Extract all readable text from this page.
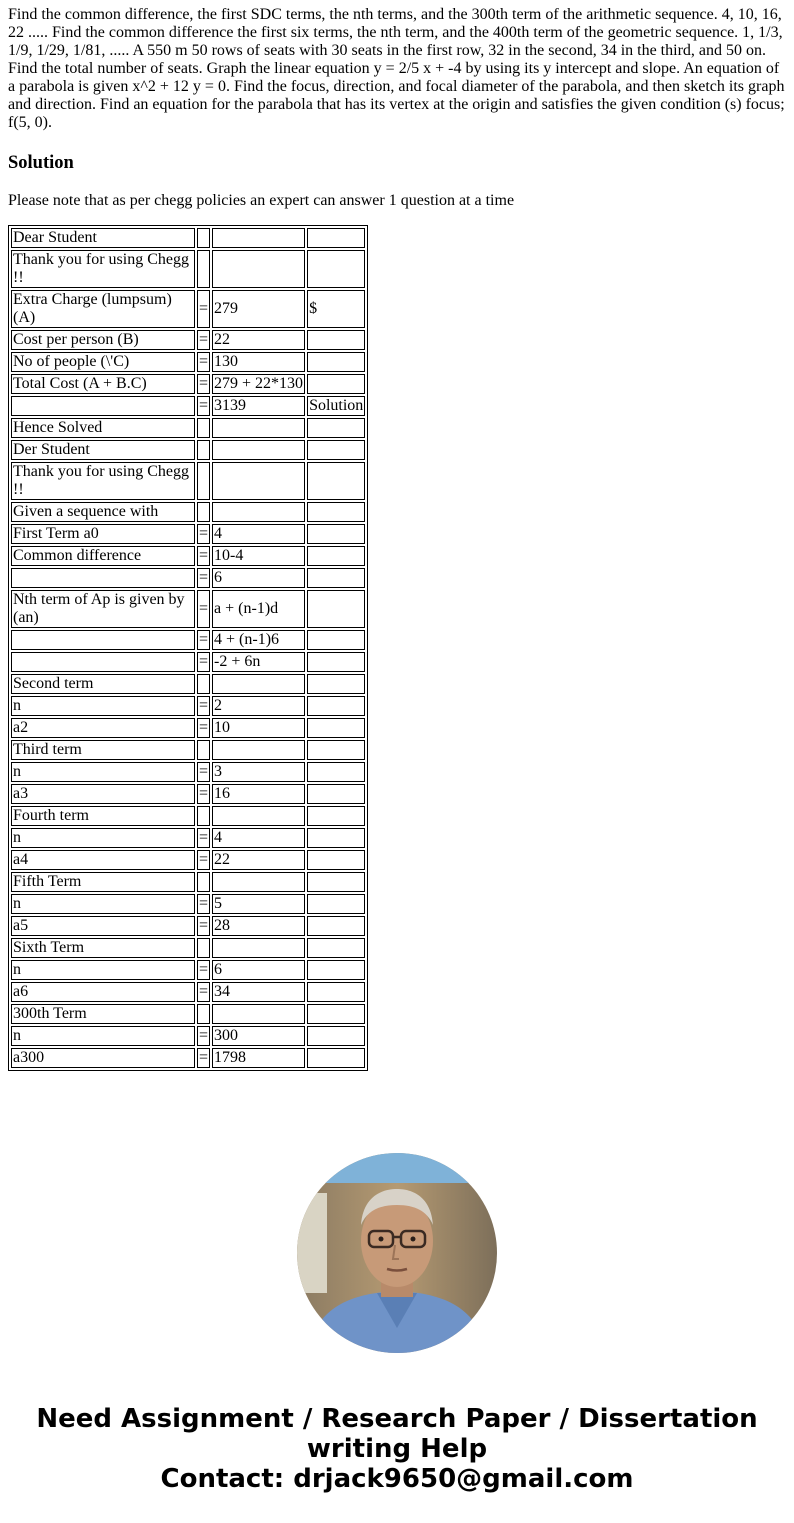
Find the common difference, the first SDC terms, the nth terms, and the 300th term of the arithmetic sequence. 4, 10, 16, 22 ..... Find the common difference the first six terms, the nth term, and the 400th term of the geometric sequence. 1, 1/3, 1/9, 1/29, 1/81, ..... A 550 m 50 rows of seats with 30 seats in the first row, 32 in the second, 34 in the third, and 50 on. Find the total number of seats. Graph the linear equation y = 2/5 x + -4 by using its y intercept and slope. An equation of a parabola is given x^2 + 12 y = 0. Find the focus, direction, and focal diameter of the parabola, and then sketch its graph and direction. Find an equation for the parabola that has its vertex at the origin and satisfies the given condition (s) focus; f(5, 0).

Solution

Please note that as per chegg policies an expert can answer 1 question at a time

Dear Student			
Thank you for using Chegg !!			
Extra Charge (lumpsum) (A)	=	279	$
Cost per person (B)	=	22	
No of people (\'C)	=	130	
Total Cost (A + B.C)	=	279 + 22*130	
	=	3139	Solution
Hence Solved			
Der Student			
Thank you for using Chegg !!			
Given a sequence with			
First Term a0	=	4	
Common difference	=	10-4	
	=	6	
Nth term of Ap is given by (an)	=	a + (n-1)d	
	=	4 + (n-1)6	
	=	-2 + 6n	
Second term			
n	=	2	
a2	=	10	
Third term			
n	=	3	
a3	=	16	
Fourth term			
n	=	4	
a4	=	22	
Fifth Term			
n	=	5	
a5	=	28	
Sixth Term			
n	=	6	
a6	=	34	
300th Term			
n	=	300	
a300	=	1798	
Need Assignment / Research Paper / Dissertation
writing Help
Contact: drjack9650@gmail.com
